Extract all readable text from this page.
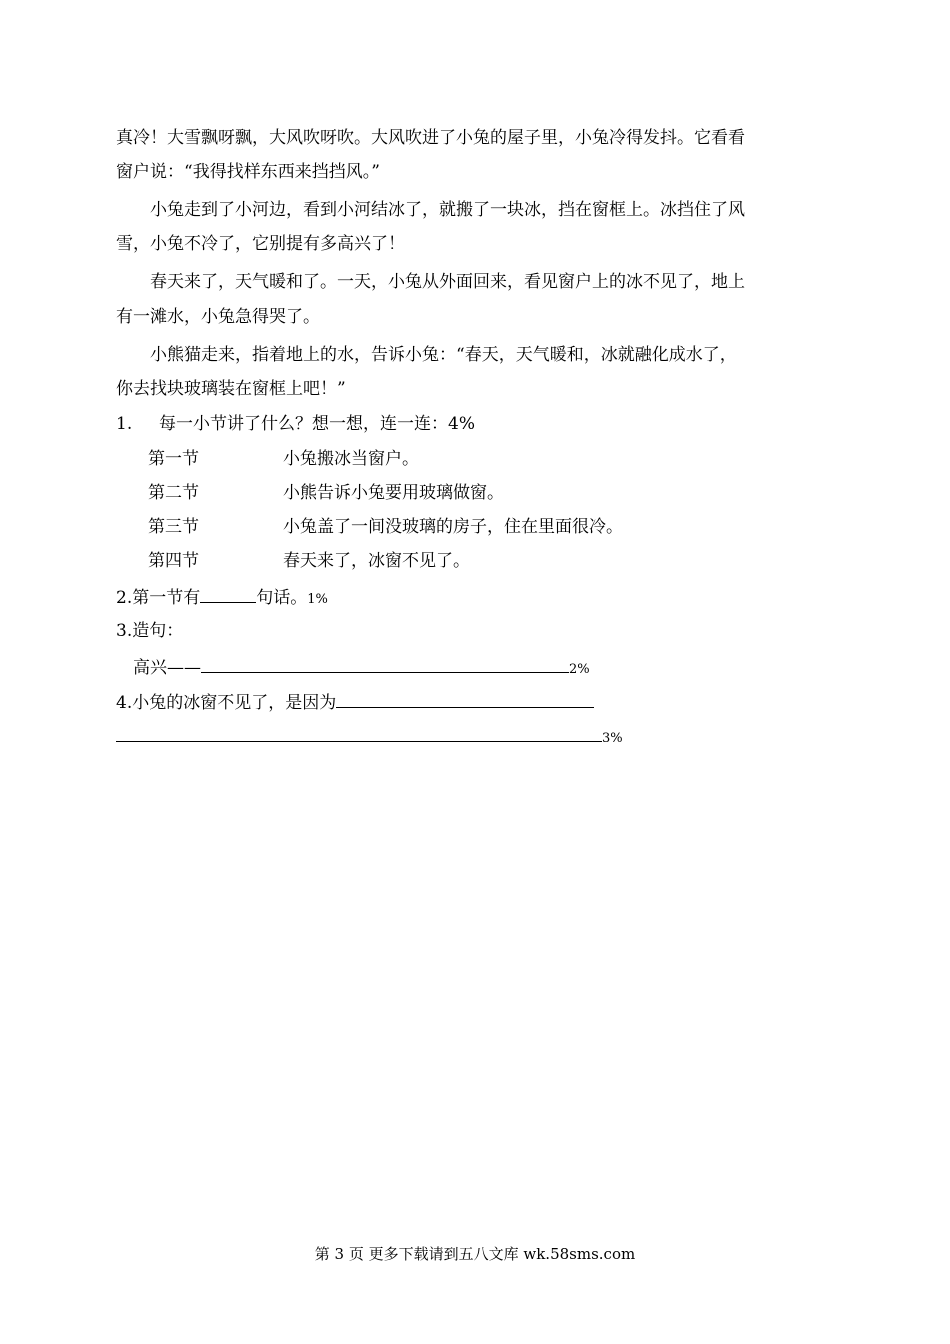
真冷！大雪飘呀飘，大风吹呀吹。大风吹进了小兔的屋子里，小兔冷得发抖。它看看
窗户说：“我得找样东西来挡挡风。”
小兔走到了小河边，看到小河结冰了，就搬了一块冰，挡在窗框上。冰挡住了风
雪，小兔不冷了，它别提有多高兴了！
春天来了，天气暖和了。一天，小兔从外面回来，看见窗户上的冰不见了，地上
有一滩水，小兔急得哭了。
小熊猫走来，指着地上的水，告诉小兔：“春天，天气暖和，冰就融化成水了，
你去找块玻璃装在窗框上吧！”
1. 每一小节讲了什么？想一想，连一连：4%
第一节	小兔搬冰当窗户。
第二节	小熊告诉小兔要用玻璃做窗。
第三节	小兔盖了一间没玻璃的房子，住在里面很冷。
第四节	春天来了，冰窗不见了。
2.第一节有	句话。1%
3.造句：
高兴——	2%
4.小兔的冰窗不见了，是因为
3%
第 3 页 更多下载请到五八文库 wk.58sms.com
